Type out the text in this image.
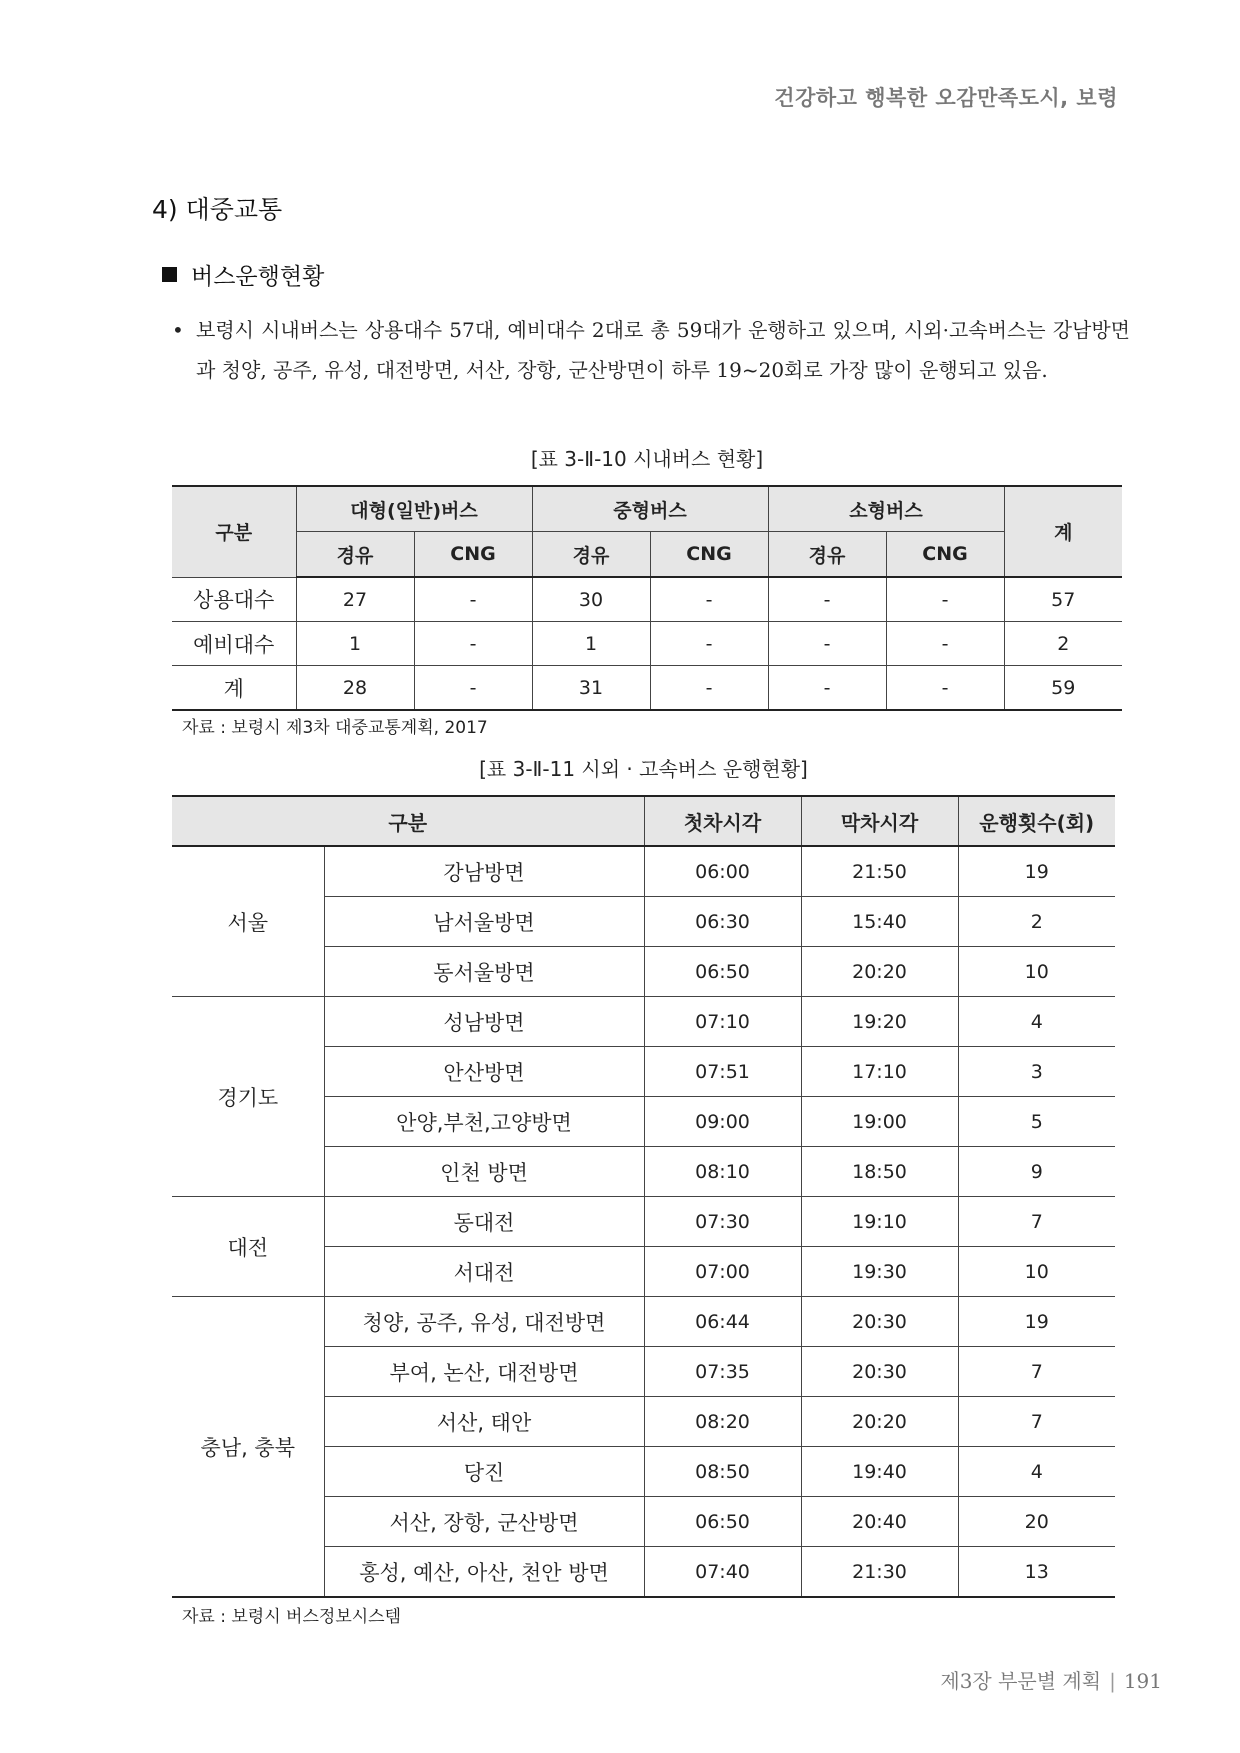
건강하고 행복한 오감만족도시, 보령
4) 대중교통
버스운행현황
• 보령시 시내버스는 상용대수 57대, 예비대수 2대로 총 59대가 운행하고 있으며, 시외·고속버스는 강남방면과 청양, 공주, 유성, 대전방면, 서산, 장항, 군산방면이 하루 19~20회로 가장 많이 운행되고 있음.
[표 3-Ⅱ-10 시내버스 현황]
구분	대형(일반)버스		중형버스		소형버스		계
	경유	CNG	경유	CNG	경유	CNG	
상용대수	27	-	30	-	-	-	57
예비대수	1	-	1	-	-	-	2
계	28	-	31	-	-	-	59
자료 : 보령시 제3차 대중교통계획, 2017
[표 3-Ⅱ-11 시외 · 고속버스 운행현황]
구분		첫차시각	막차시각	운행횟수(회)
서울	강남방면	06:00	21:50	19
	남서울방면	06:30	15:40	2
	동서울방면	06:50	20:20	10
경기도	성남방면	07:10	19:20	4
	안산방면	07:51	17:10	3
	안양,부천,고양방면	09:00	19:00	5
	인천 방면	08:10	18:50	9
대전	동대전	07:30	19:10	7
	서대전	07:00	19:30	10
충남, 충북	청양, 공주, 유성, 대전방면	06:44	20:30	19
	부여, 논산, 대전방면	07:35	20:30	7
	서산, 태안	08:20	20:20	7
	당진	08:50	19:40	4
	서산, 장항, 군산방면	06:50	20:40	20
	홍성, 예산, 아산, 천안 방면	07:40	21:30	13
자료 : 보령시 버스정보시스템
제3장 부문별 계획 | 191
